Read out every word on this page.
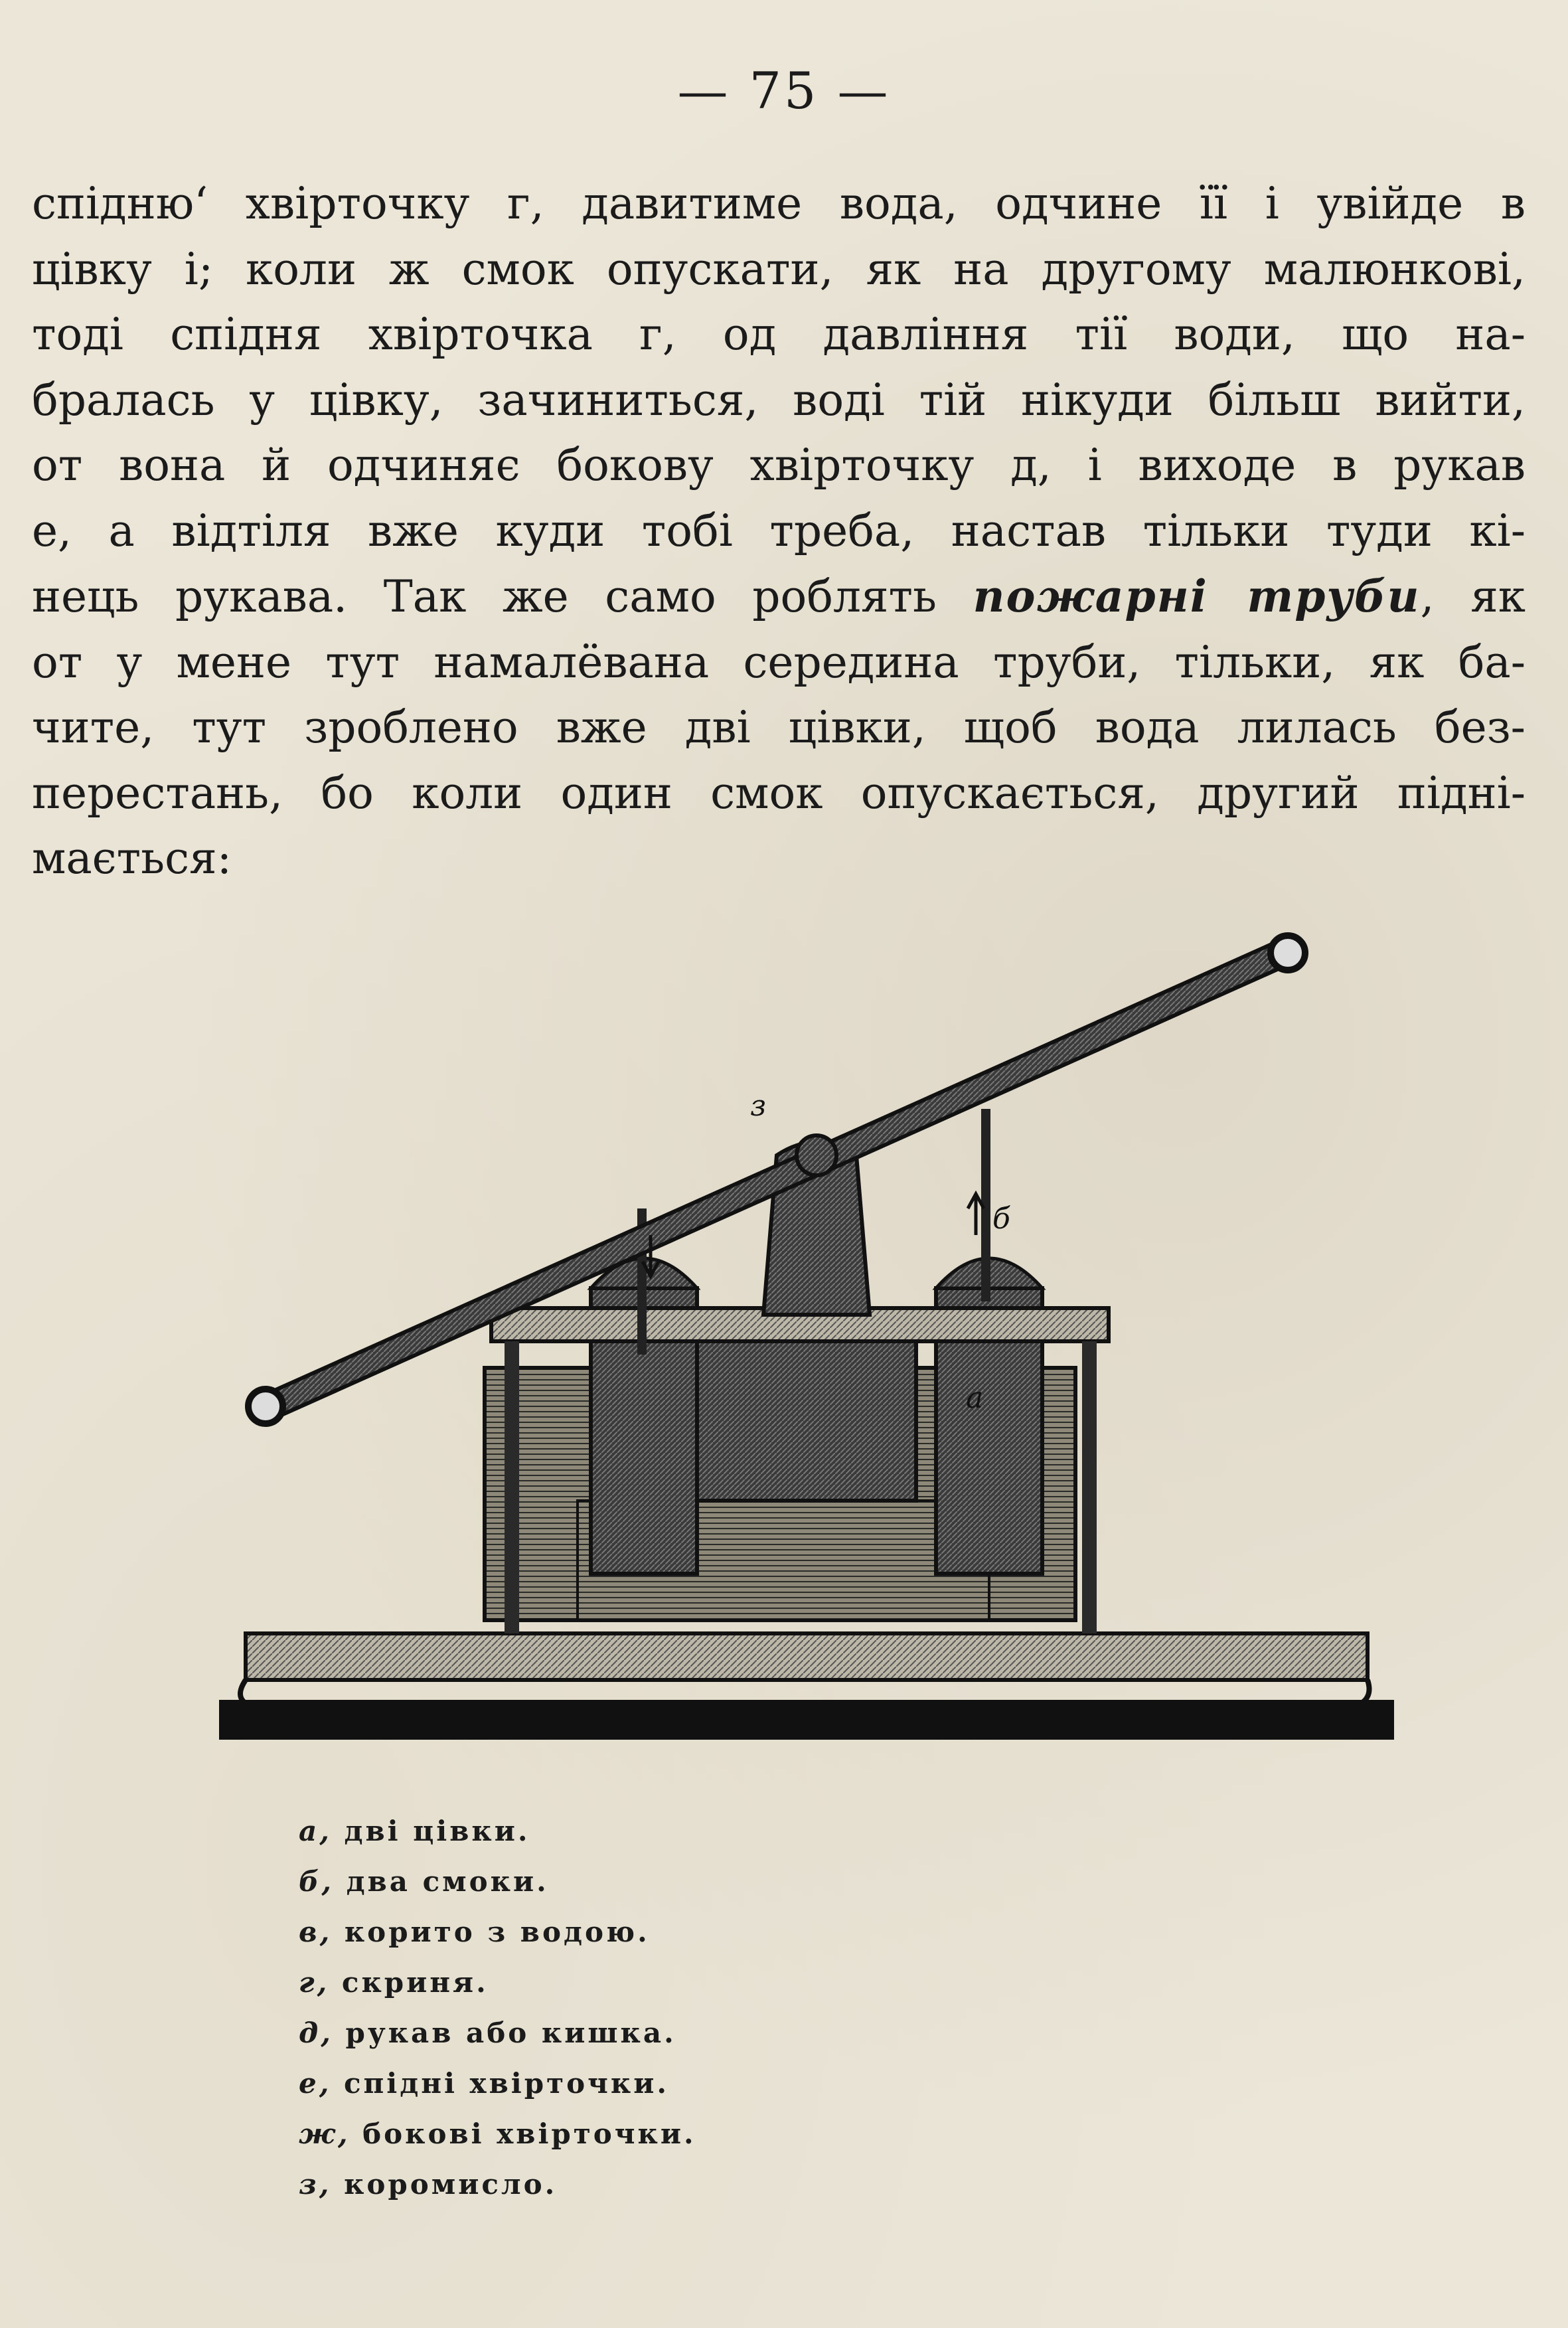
— 75 —

спідню‘ хвірточку г, давитиме вода, одчине її і увійде в
цівку і; коли ж смок опускати, як на другому малюнкові,
тоді спідня хвірточка г, од давління тії води, що на-
бралась у цівку, зачиниться, воді тій нікуди більш вийти,
от вона й одчиняє бокову хвірточку д, і виходе в рукав
е, а відтіля вже куди тобі треба, настав тільки туди кі-
нець рукава. Так же само роблять пожарні труби, як
от у мене тут намалёвана середина труби, тільки, як ба-
чите, тут зроблено вже дві цівки, щоб вода лилась без-
перестань, бо коли один смок опускається, другий підні-
мається:

з
б
а
а, дві цівки.
б, два смоки.
в, корито з водою.
г, скриня.
д, рукав або кишка.
е, спідні хвірточки.
ж, бокові хвірточки.
з, коромисло.
